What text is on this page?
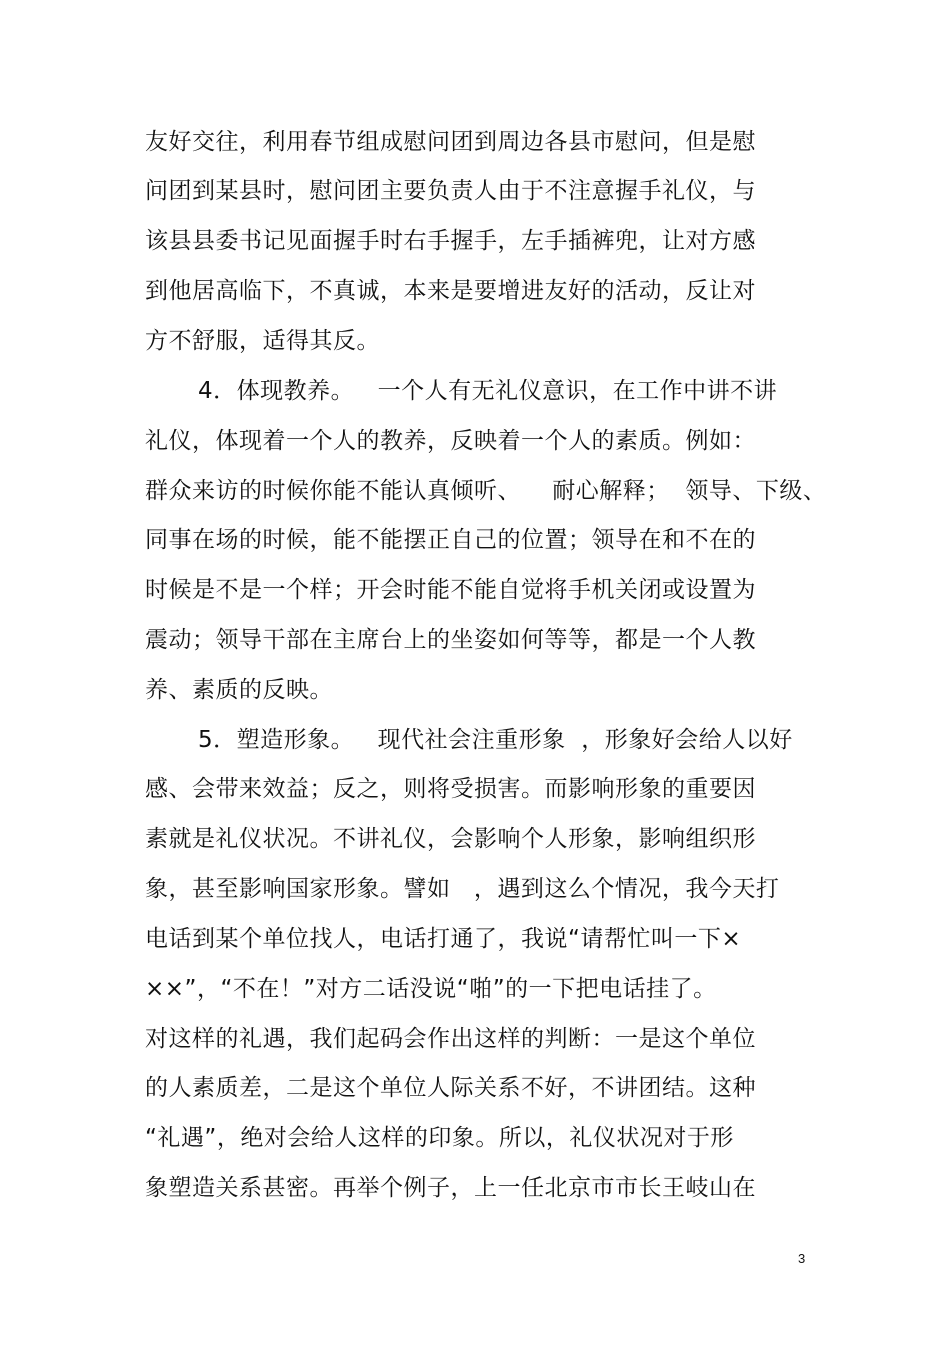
友好交往，利用春节组成慰问团到周边各县市慰问，但是慰
问团到某县时，慰问团主要负责人由于不注意握手礼仪，与
该县县委书记见面握手时右手握手，左手插裤兜，让对方感
到他居高临下，不真诚，本来是要增进友好的活动，反让对
方不舒服，适得其反。
4．体现教养。   一个人有无礼仪意识，在工作中讲不讲
礼仪，体现着一个人的教养，反映着一个人的素质。例如：
群众来访的时候你能不能认真倾听、    耐心解释；  领导、下级、
同事在场的时候，能不能摆正自己的位置；领导在和不在的
时候是不是一个样；开会时能不能自觉将手机关闭或设置为
震动；领导干部在主席台上的坐姿如何等等，都是一个人教
养、素质的反映。
5．塑造形象。   现代社会注重形象  ，形象好会给人以好
感、会带来效益；反之，则将受损害。而影响形象的重要因
素就是礼仪状况。不讲礼仪，会影响个人形象，影响组织形
象，甚至影响国家形象。譬如   ，遇到这么个情况，我今天打
电话到某个单位找人，电话打通了，我说“请帮忙叫一下×
××”，“不在！”对方二话没说“啪”的一下把电话挂了。
对这样的礼遇，我们起码会作出这样的判断：一是这个单位
的人素质差，二是这个单位人际关系不好，不讲团结。这种
“礼遇”，绝对会给人这样的印象。所以，礼仪状况对于形
象塑造关系甚密。再举个例子，上一任北京市市长王岐山在
3
